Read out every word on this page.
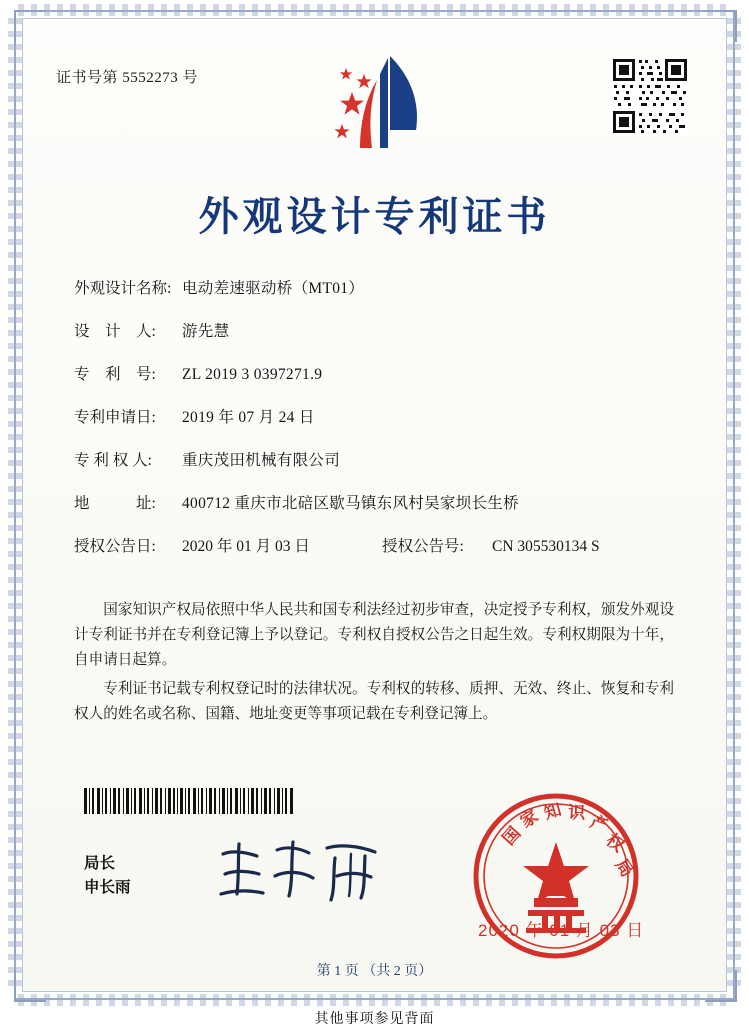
证书号第 5552273 号
外观设计专利证书
外观设计名称: 电动差速驱动桥（MT01）
设　计　人:	游先慧
专　利　号:	ZL 2019 3 0397271.9
专利申请日:	2019 年 07 月 24 日
专 利 权 人:	重庆茂田机械有限公司
地　　　址:	400712 重庆市北碚区歇马镇东风村吴家坝长生桥
授权公告日:	2020 年 01 月 03 日	授权公告号:	CN 305530134 S

国家知识产权局依照中华人民共和国专利法经过初步审查，决定授予专利权，颁发外观设计专利证书并在专利登记簿上予以登记。专利权自授权公告之日起生效。专利权期限为十年，自申请日起算。

专利证书记载专利权登记时的法律状况。专利权的转移、质押、无效、终止、恢复和专利权人的姓名或名称、国籍、地址变更等事项记载在专利登记簿上。

局长
申长雨
国
家 知 识 产
权
局
2020 年 01 月 03 日
第 1 页 （共 2 页）
其他事项参见背面
